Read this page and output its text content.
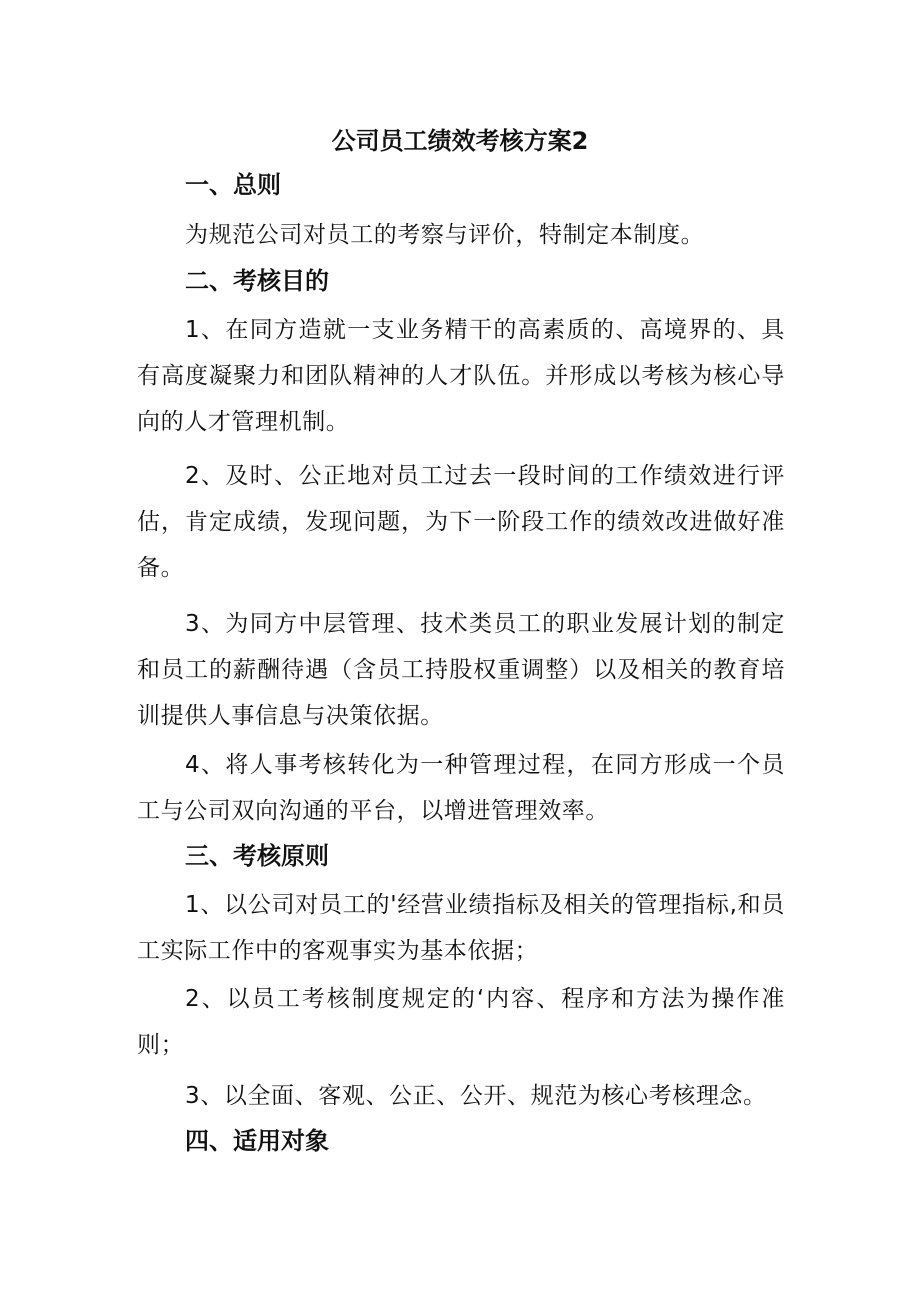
公司员工绩效考核方案2
一、总则

为规范公司对员工的考察与评价，特制定本制度。

二、考核目的

1、在同方造就一支业务精干的高素质的、高境界的、具有高度凝聚力和团队精神的人才队伍。并形成以考核为核心导向的人才管理机制。

2、及时、公正地对员工过去一段时间的工作绩效进行评估，肯定成绩，发现问题，为下一阶段工作的绩效改进做好准备。

3、为同方中层管理、技术类员工的职业发展计划的制定和员工的薪酬待遇（含员工持股权重调整）以及相关的教育培训提供人事信息与决策依据。

4、将人事考核转化为一种管理过程，在同方形成一个员工与公司双向沟通的平台，以增进管理效率。

三、考核原则

1、以公司对员工的'经营业绩指标及相关的管理指标,和员工实际工作中的客观事实为基本依据；

2、以员工考核制度规定的‘内容、程序和方法为操作准则；

3、以全面、客观、公正、公开、规范为核心考核理念。

四、适用对象
